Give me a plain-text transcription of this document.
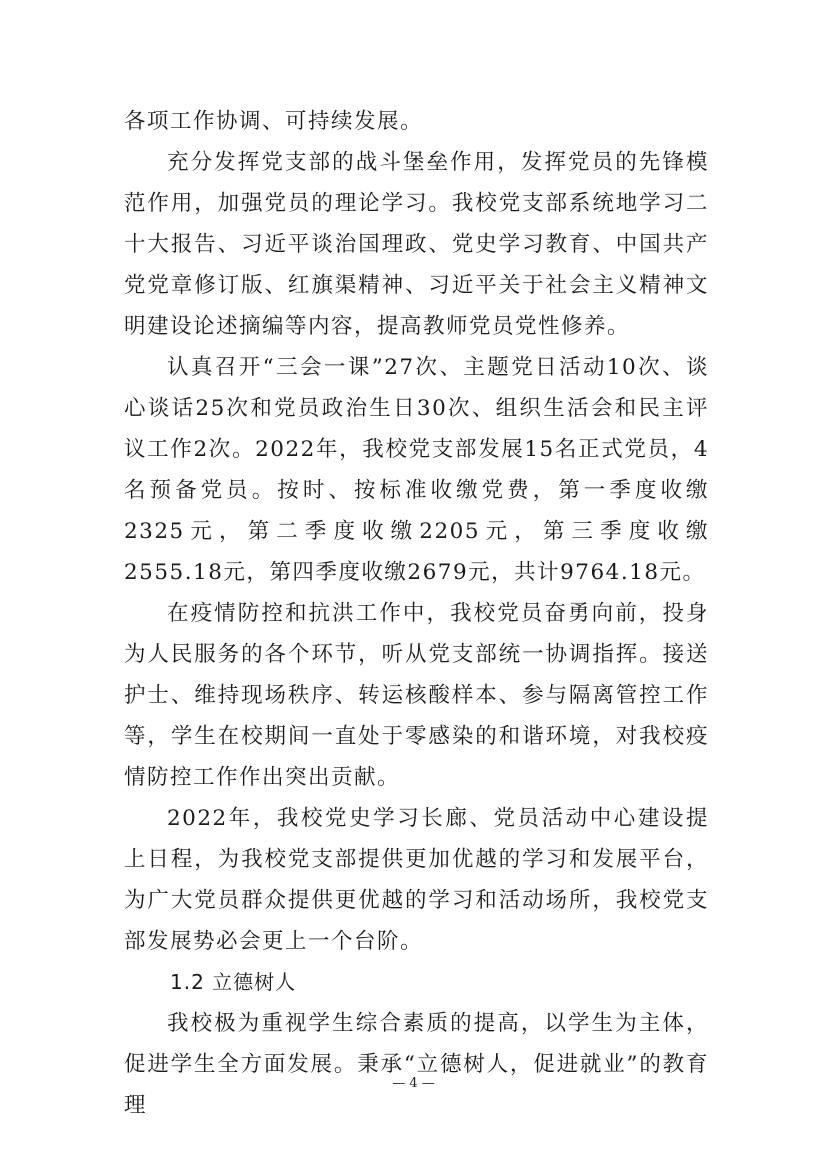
各项工作协调、可持续发展。

充分发挥党支部的战斗堡垒作用，发挥党员的先锋模范作用，加强党员的理论学习。我校党支部系统地学习二十大报告、习近平谈治国理政、党史学习教育、中国共产党党章修订版、红旗渠精神、习近平关于社会主义精神文明建设论述摘编等内容，提高教师党员党性修养。

认真召开“三会一课”27次、主题党日活动10次、谈心谈话25次和党员政治生日30次、组织生活会和民主评议工作2次。2022年，我校党支部发展15名正式党员，4名预备党员。按时、按标准收缴党费，第一季度收缴2325元，第二季度收缴2205元，第三季度收缴2555.18元，第四季度收缴2679元，共计9764.18元。

在疫情防控和抗洪工作中，我校党员奋勇向前，投身为人民服务的各个环节，听从党支部统一协调指挥。接送护士、维持现场秩序、转运核酸样本、参与隔离管控工作等，学生在校期间一直处于零感染的和谐环境，对我校疫情防控工作作出突出贡献。

2022年，我校党史学习长廊、党员活动中心建设提上日程，为我校党支部提供更加优越的学习和发展平台，为广大党员群众提供更优越的学习和活动场所，我校党支部发展势必会更上一个台阶。

1.2 立德树人

我校极为重视学生综合素质的提高，以学生为主体，促进学生全方面发展。秉承“立德树人，促进就业”的教育理

— 4 —
